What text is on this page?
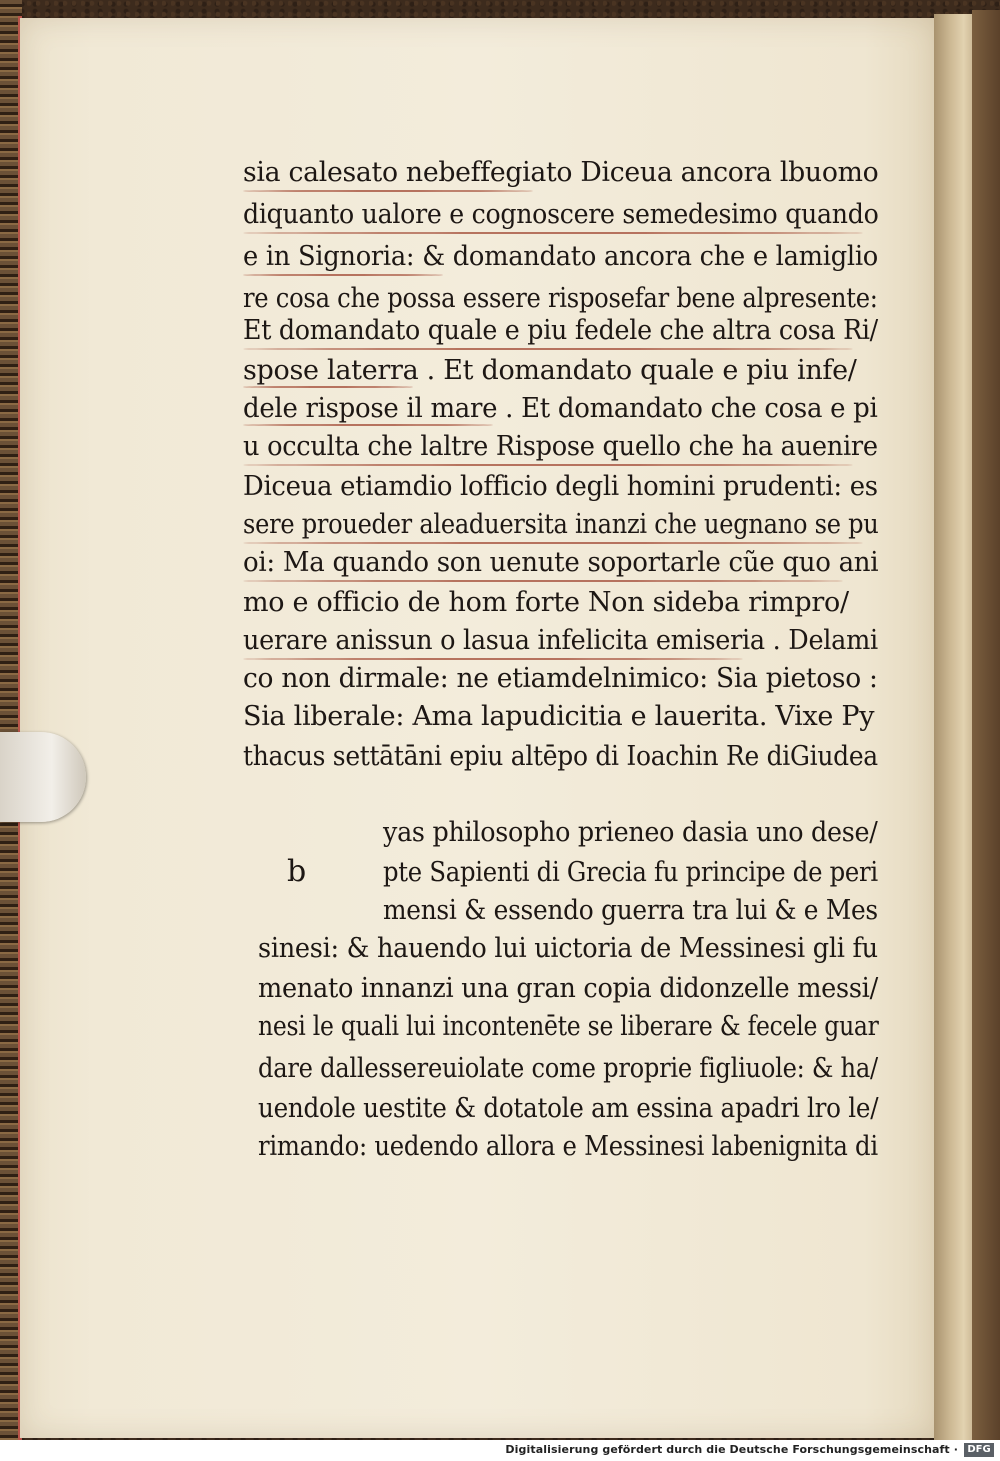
sia calesato nebeffegiato Diceua ancora lbuomo
diquanto ualore e cognoscere semedesimo quando
e in Signoria: & domandato ancora che e lamiglio
re cosa che possa essere risposefar bene alpresente:
Et domandato quale e piu fedele che altra cosa Ri/
spose laterra . Et domandato quale e piu infe/
dele rispose il mare . Et domandato che cosa e pi
u occulta che laltre Rispose quello che ha auenire
Diceua etiamdio lofficio degli homini prudenti: es
sere proueder aleaduersita inanzi che uegnano se pu
oi: Ma quando son uenute soportarle cũe quo ani
mo e officio de hom forte Non sideba rimpro/
uerare anissun o lasua infelicita emiseria . Delami
co non dirmale: ne etiamdelnimico: Sia pietoso :
Sia liberale: Ama lapudicitia e lauerita. Vixe Py
thacus settātāni epiu altēpo di Ioachin Re diGiudea
b
yas philosopho prieneo dasia uno dese/
pte Sapienti di Grecia fu principe de peri
mensi & essendo guerra tra lui & e Mes
sinesi: & hauendo lui uictoria de Messinesi gli fu
menato innanzi una gran copia didonzelle messi/
nesi le quali lui incontenēte se liberare & fecele guar
dare dallessereuiolate come proprie figliuole: & ha/
uendole uestite & dotatole am essina apadri lro le/
rimando: uedendo allora e Messinesi labenignita di
Digitalisierung gefördert durch die Deutsche Forschungsgemeinschaft · DFG
